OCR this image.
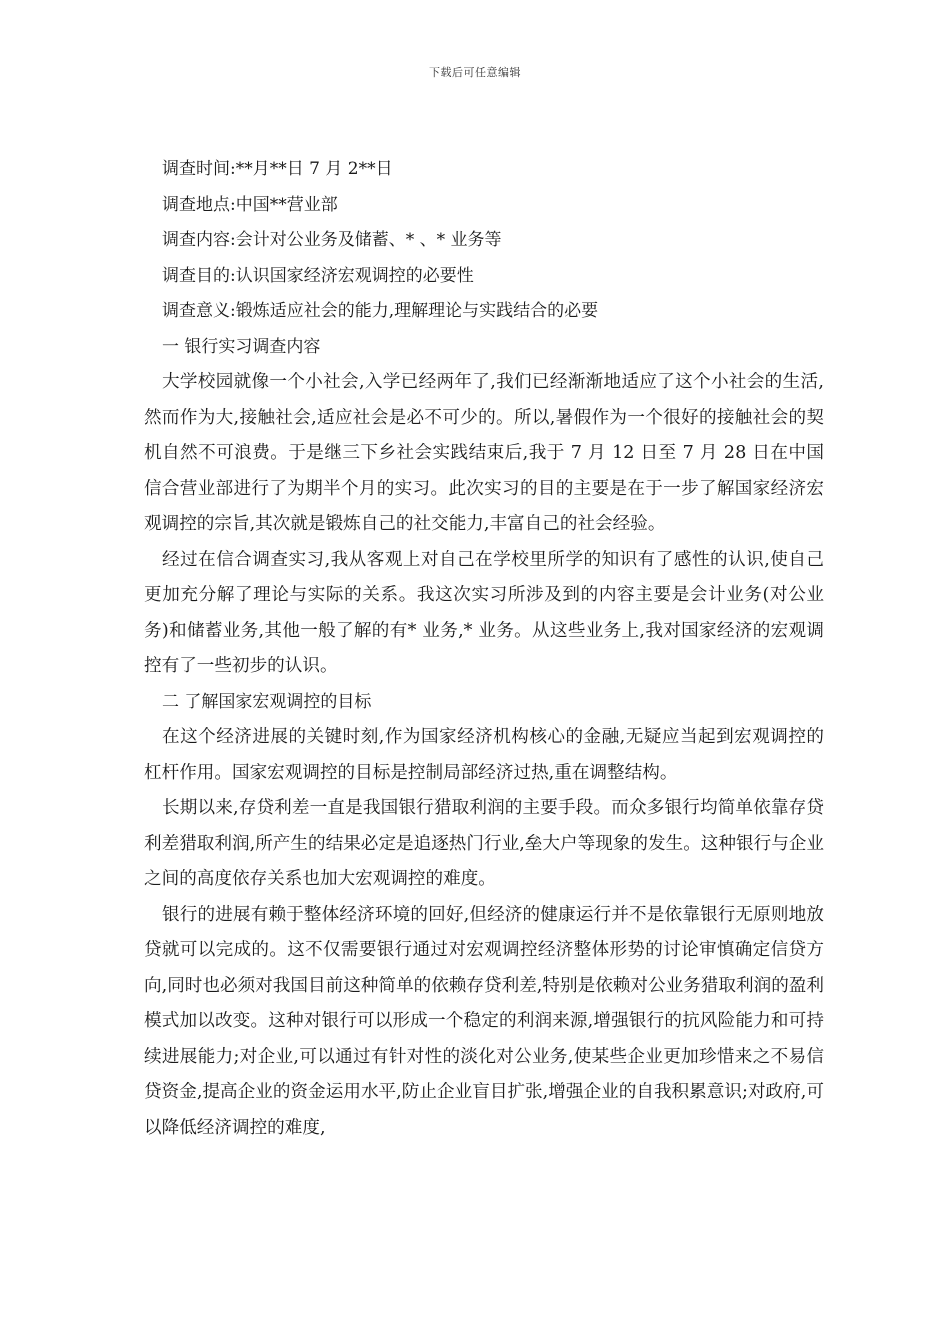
下载后可任意编辑
调查时间:**月**日 7 月 2**日
调查地点:中国**营业部
调查内容:会计对公业务及储蓄、* 、* 业务等
调查目的:认识国家经济宏观调控的必要性
调查意义:锻炼适应社会的能力,理解理论与实践结合的必要
一 银行实习调查内容

大学校园就像一个小社会,入学已经两年了,我们已经渐渐地适应了这个小社会的生活,然而作为大,接触社会,适应社会是必不可少的。所以,暑假作为一个很好的接触社会的契机自然不可浪费。于是继三下乡社会实践结束后,我于 7 月 12 日至 7 月 28 日在中国信合营业部进行了为期半个月的实习。此次实习的目的主要是在于一步了解国家经济宏观调控的宗旨,其次就是锻炼自己的社交能力,丰富自己的社会经验。

经过在信合调查实习,我从客观上对自己在学校里所学的知识有了感性的认识,使自己更加充分解了理论与实际的关系。我这次实习所涉及到的内容主要是会计业务(对公业务)和储蓄业务,其他一般了解的有* 业务,* 业务。从这些业务上,我对国家经济的宏观调控有了一些初步的认识。

二 了解国家宏观调控的目标

在这个经济进展的关键时刻,作为国家经济机构核心的金融,无疑应当起到宏观调控的杠杆作用。国家宏观调控的目标是控制局部经济过热,重在调整结构。

长期以来,存贷利差一直是我国银行猎取利润的主要手段。而众多银行均简单依靠存贷利差猎取利润,所产生的结果必定是追逐热门行业,垒大户等现象的发生。这种银行与企业之间的高度依存关系也加大宏观调控的难度。

银行的进展有赖于整体经济环境的回好,但经济的健康运行并不是依靠银行无原则地放贷就可以完成的。这不仅需要银行通过对宏观调控经济整体形势的讨论审慎确定信贷方向,同时也必须对我国目前这种简单的依赖存贷利差,特别是依赖对公业务猎取利润的盈利模式加以改变。这种对银行可以形成一个稳定的利润来源,增强银行的抗风险能力和可持续进展能力;对企业,可以通过有针对性的淡化对公业务,使某些企业更加珍惜来之不易信贷资金,提高企业的资金运用水平,防止企业盲目扩张,增强企业的自我积累意识;对政府,可以降低经济调控的难度,
